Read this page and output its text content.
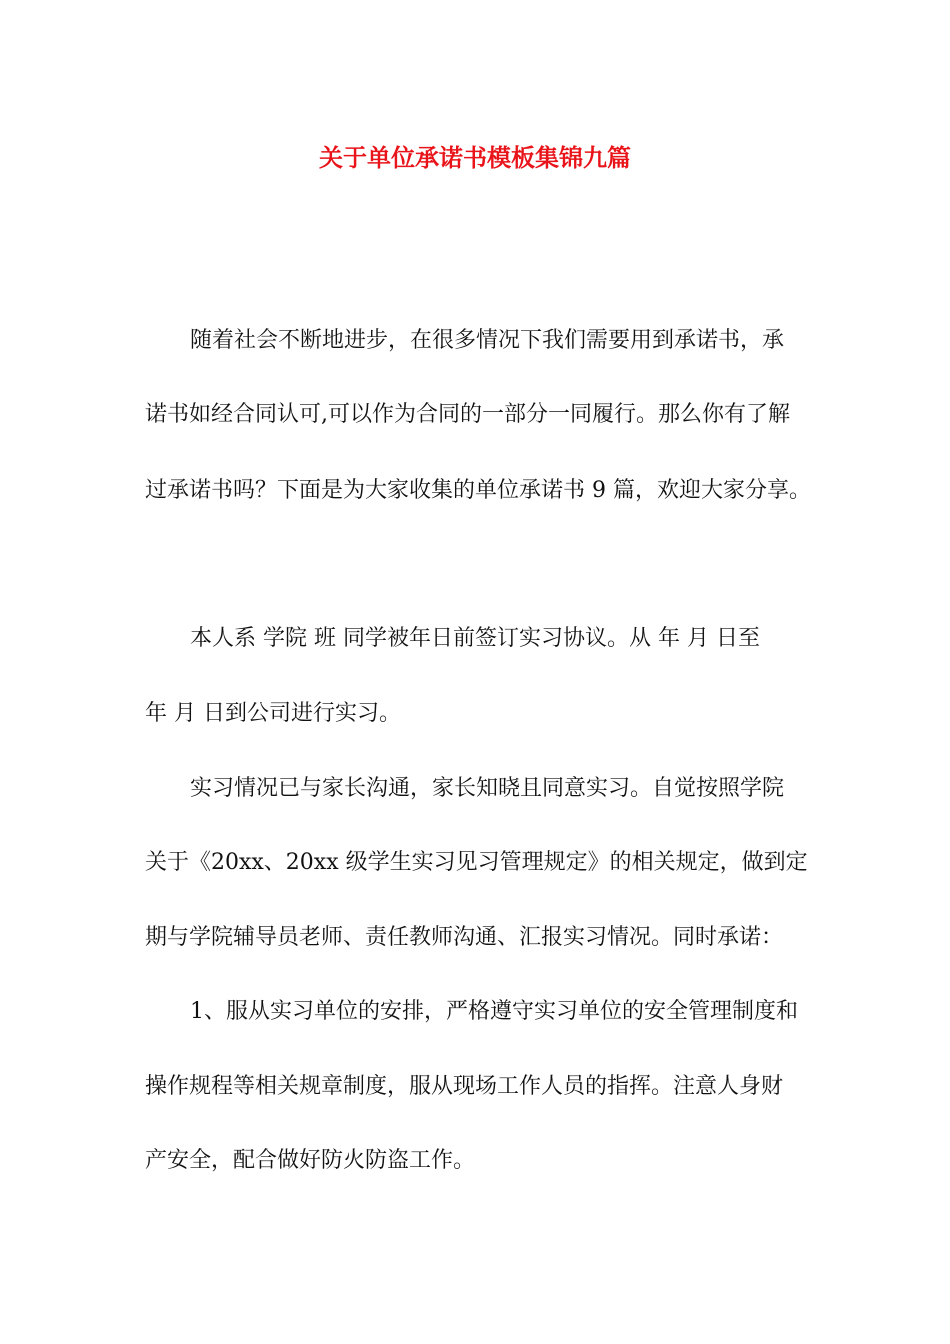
关于单位承诺书模板集锦九篇

随着社会不断地进步，在很多情况下我们需要用到承诺书，承

诺书如经合同认可,可以作为合同的一部分一同履行。那么你有了解

过承诺书吗？下面是为大家收集的单位承诺书 9 篇，欢迎大家分享。

本人系 学院 班 同学被年日前签订实习协议。从 年 月 日至

年 月 日到公司进行实习。

实习情况已与家长沟通，家长知晓且同意实习。自觉按照学院

关于《20xx、20xx 级学生实习见习管理规定》的相关规定，做到定

期与学院辅导员老师、责任教师沟通、汇报实习情况。同时承诺：

1、服从实习单位的安排，严格遵守实习单位的安全管理制度和

操作规程等相关规章制度，服从现场工作人员的指挥。注意人身财

产安全，配合做好防火防盗工作。
